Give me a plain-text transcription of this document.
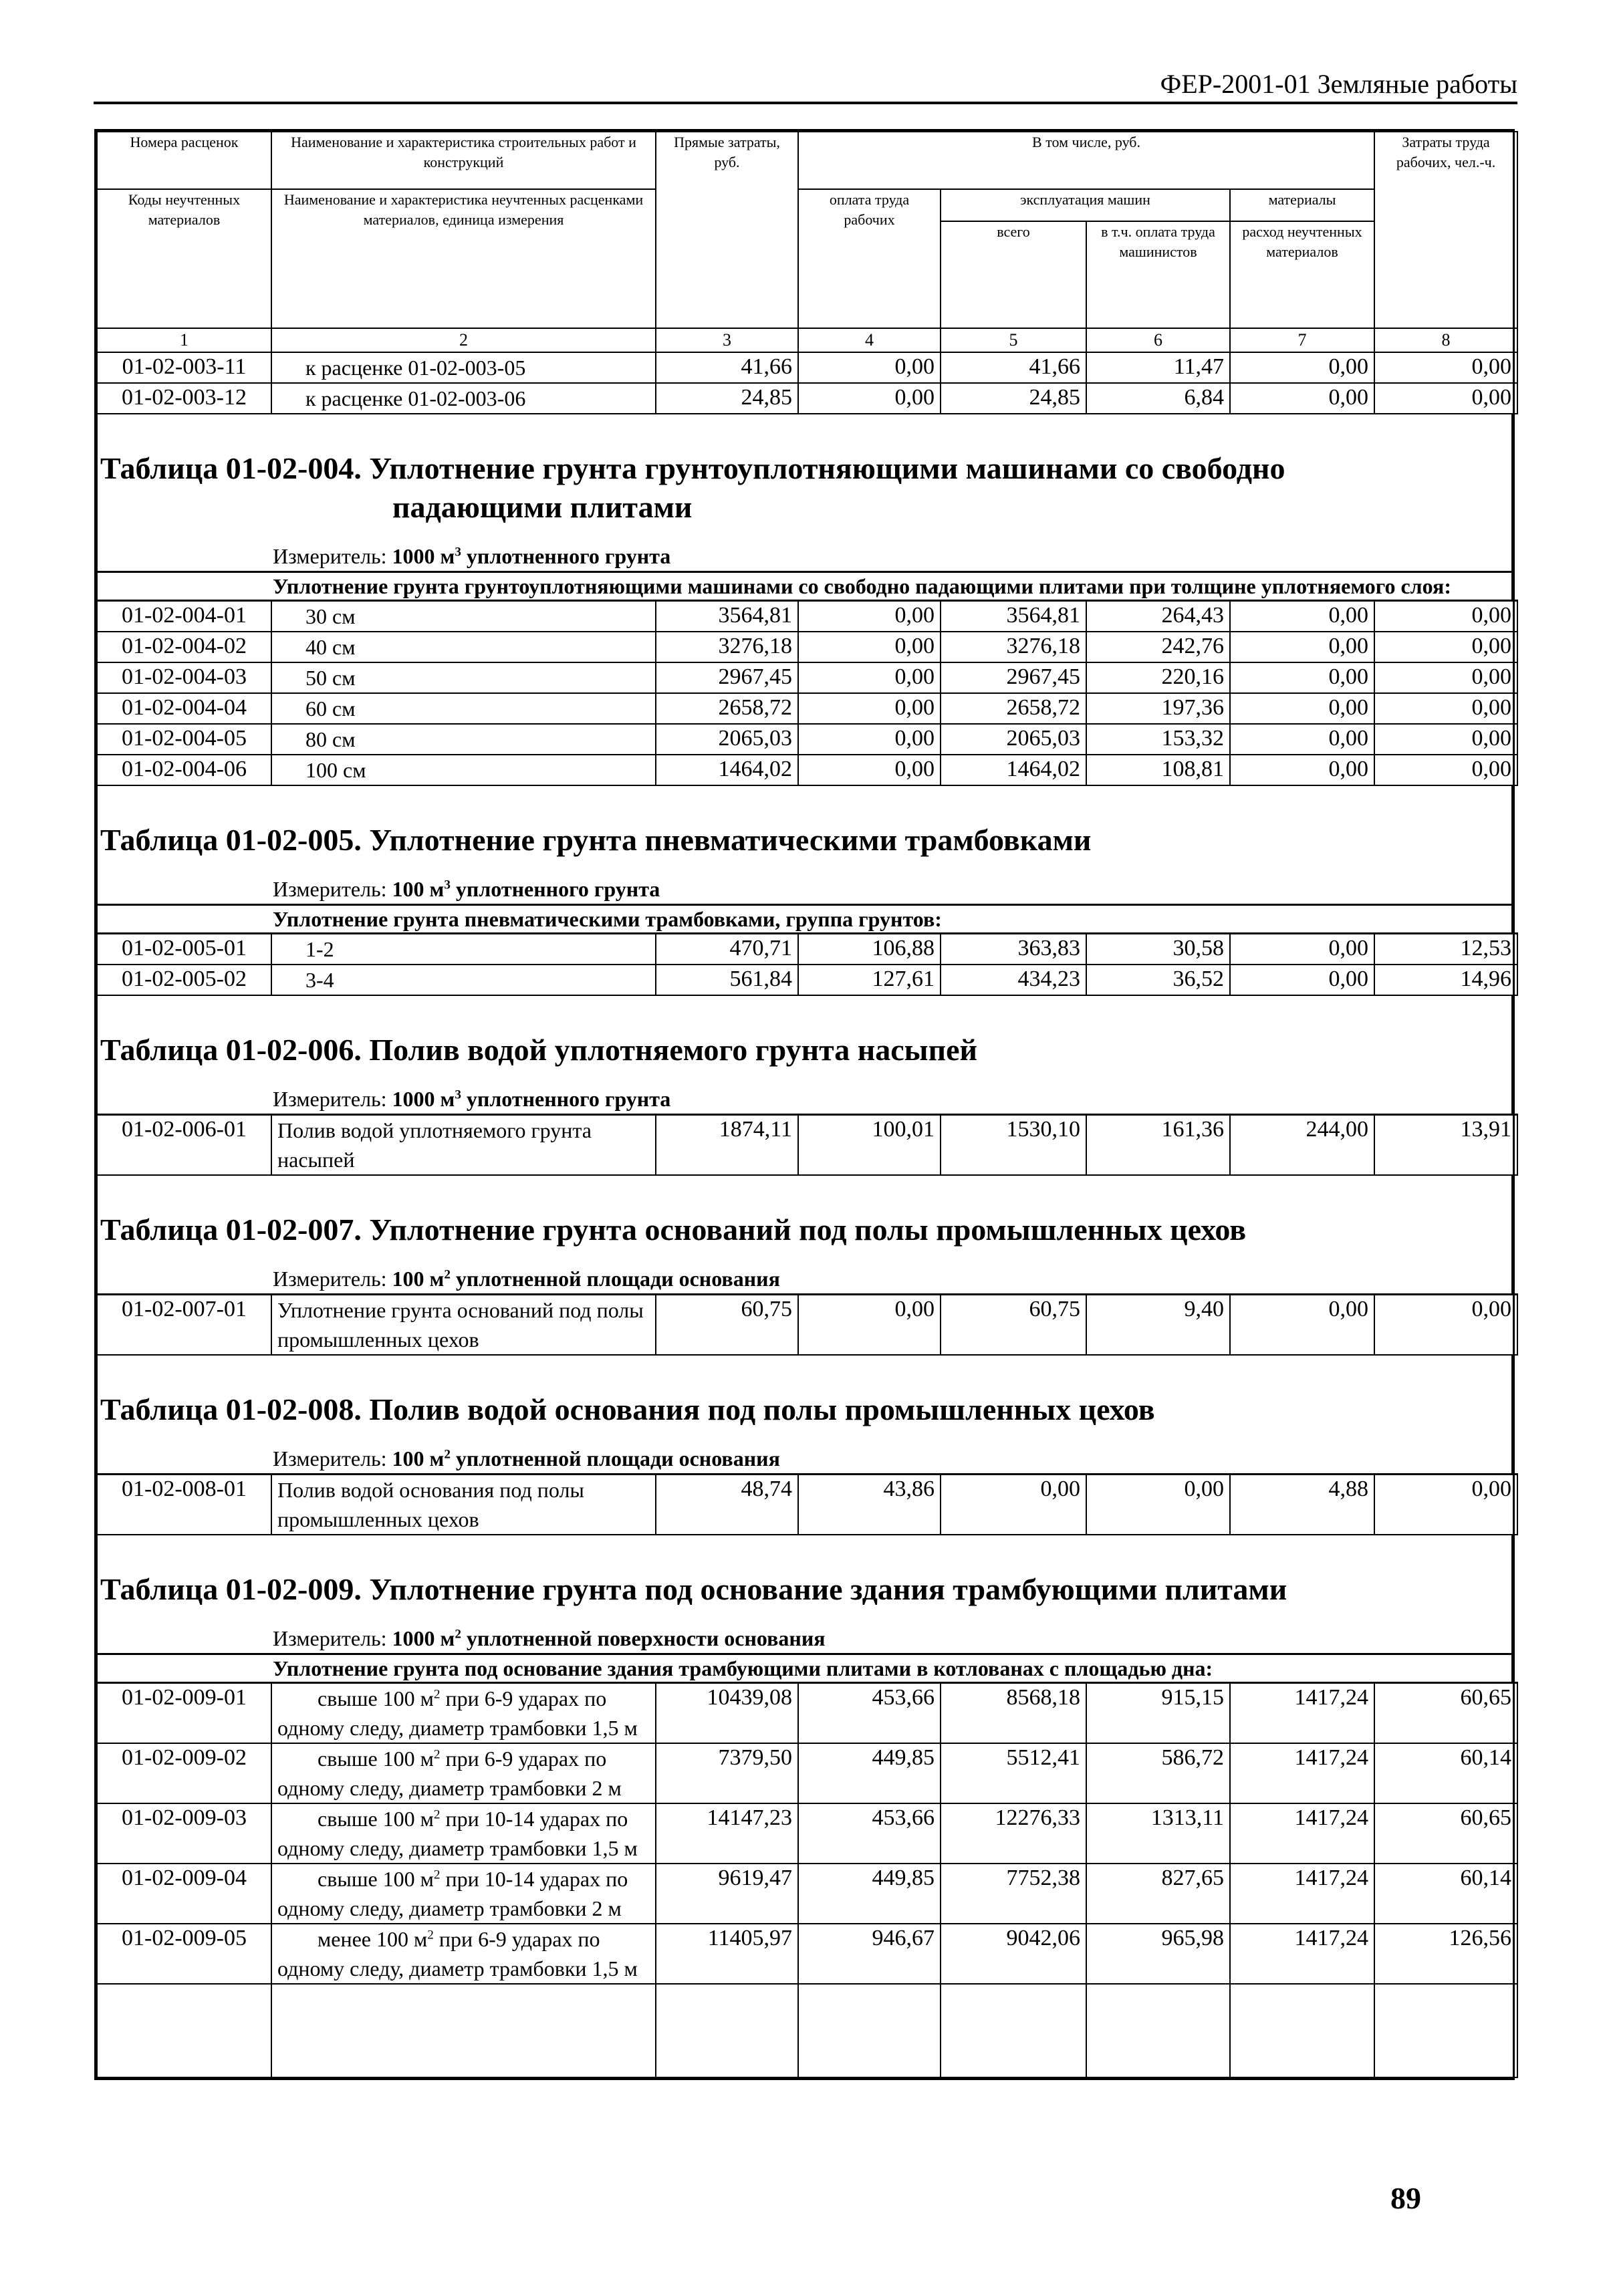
ФЕР-2001-01 Земляные работы
Номера расценок	Наименование и характеристика строительных работ и конструкций	Прямые затраты, руб.	В том числе, руб.				Затраты труда рабочих, чел.-ч.
Коды неучтенных материалов	Наименование и характеристика неучтенных расценками материалов, единица измерения		оплата труда рабочих	эксплуатация машин		материалы	
				всего	в т.ч. оплата труда машинистов	расход неучтенных материалов	
1	2	3	4	5	6	7	8
01-02-003-11	к расценке 01-02-003-05	41,66	0,00	41,66	11,47	0,00	0,00
01-02-003-12	к расценке 01-02-003-06	24,85	0,00	24,85	6,84	0,00	0,00
Таблица 01-02-004. Уплотнение грунта грунтоуплотняющими машинами со свободно
падающими плитами
Измеритель: 1000 $м^3$ уплотненного грунта
Уплотнение грунта грунтоуплотняющими машинами со свободно падающими плитами при толщине уплотняемого слоя:
01-02-004-01	30 см	3564,81	0,00	3564,81	264,43	0,00	0,00
01-02-004-02	40 см	3276,18	0,00	3276,18	242,76	0,00	0,00
01-02-004-03	50 см	2967,45	0,00	2967,45	220,16	0,00	0,00
01-02-004-04	60 см	2658,72	0,00	2658,72	197,36	0,00	0,00
01-02-004-05	80 см	2065,03	0,00	2065,03	153,32	0,00	0,00
01-02-004-06	100 см	1464,02	0,00	1464,02	108,81	0,00	0,00
Таблица 01-02-005. Уплотнение грунта пневматическими трамбовками
Измеритель: 100 $м^3$ уплотненного грунта
Уплотнение грунта пневматическими трамбовками, группа грунтов:
01-02-005-01	1-2	470,71	106,88	363,83	30,58	0,00	12,53
01-02-005-02	3-4	561,84	127,61	434,23	36,52	0,00	14,96
Таблица 01-02-006. Полив водой уплотняемого грунта насыпей
Измеритель: 1000 $м^3$ уплотненного грунта
01-02-006-01	Полив водой уплотняемого грунта насыпей	1874,11	100,01	1530,10	161,36	244,00	13,91
Таблица 01-02-007. Уплотнение грунта оснований под полы промышленных цехов
Измеритель: 100 $м^2$ уплотненной площади основания
01-02-007-01	Уплотнение грунта оснований под полы промышленных цехов	60,75	0,00	60,75	9,40	0,00	0,00
Таблица 01-02-008. Полив водой основания под полы промышленных цехов
Измеритель: 100 $м^2$ уплотненной площади основания
01-02-008-01	Полив водой основания под полы промышленных цехов	48,74	43,86	0,00	0,00	4,88	0,00
Таблица 01-02-009. Уплотнение грунта под основание здания трамбующими плитами
Измеритель: 1000 $м^2$ уплотненной поверхности основания
Уплотнение грунта под основание здания трамбующими плитами в котлованах с площадью дна:
01-02-009-01	свыше 100 $м^2$ при 6-9 ударах по одному следу, диаметр трамбовки 1,5 м	10439,08	453,66	8568,18	915,15	1417,24	60,65
01-02-009-02	свыше 100 $м^2$ при 6-9 ударах по одному следу, диаметр трамбовки 2 м	7379,50	449,85	5512,41	586,72	1417,24	60,14
01-02-009-03	свыше 100 $м^2$ при 10-14 ударах по одному следу, диаметр трамбовки 1,5 м	14147,23	453,66	12276,33	1313,11	1417,24	60,65
01-02-009-04	свыше 100 $м^2$ при 10-14 ударах по одному следу, диаметр трамбовки 2 м	9619,47	449,85	7752,38	827,65	1417,24	60,14
01-02-009-05	менее 100 $м^2$ при 6-9 ударах по одному следу, диаметр трамбовки 1,5 м	11405,97	946,67	9042,06	965,98	1417,24	126,56

89
